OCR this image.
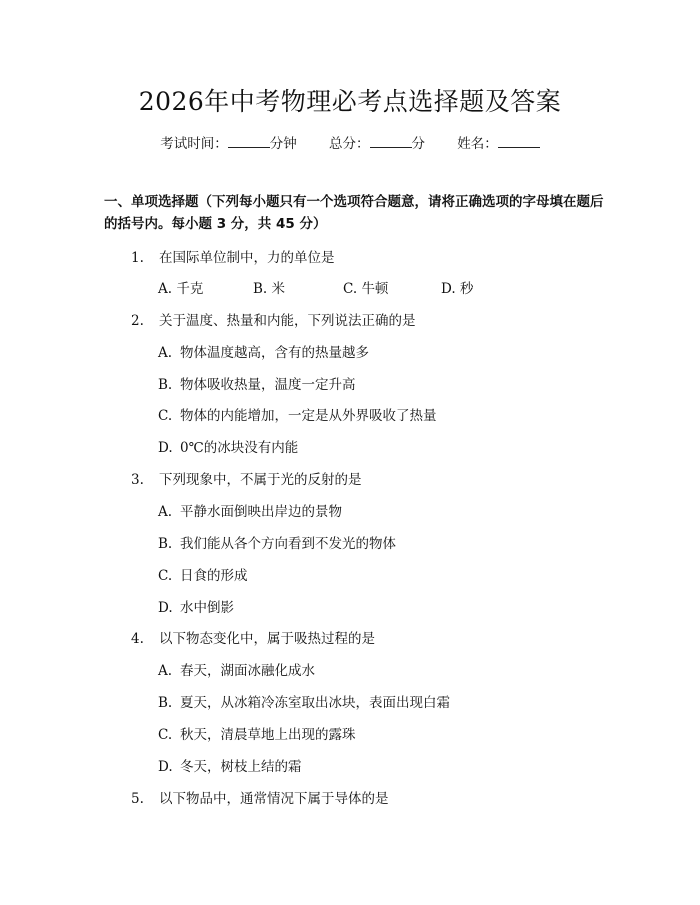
2026年中考物理必考点选择题及答案
考试时间：	分钟 总分：	分 姓名：
一、单项选择题（下列每小题只有一个选项符合题意，请将正确选项的字母填在题后的括号内。每小题 3 分，共 45 分）
1. 在国际单位制中，力的单位是
A. 千克	B. 米	C. 牛顿	D. 秒
2. 关于温度、热量和内能，下列说法正确的是
A. 物体温度越高，含有的热量越多
B. 物体吸收热量，温度一定升高
C. 物体的内能增加，一定是从外界吸收了热量
D. 0℃的冰块没有内能
3. 下列现象中，不属于光的反射的是
A. 平静水面倒映出岸边的景物
B. 我们能从各个方向看到不发光的物体
C. 日食的形成
D. 水中倒影
4. 以下物态变化中，属于吸热过程的是
A. 春天，湖面冰融化成水
B. 夏天，从冰箱冷冻室取出冰块，表面出现白霜
C. 秋天，清晨草地上出现的露珠
D. 冬天，树枝上结的霜
5. 以下物品中，通常情况下属于导体的是
